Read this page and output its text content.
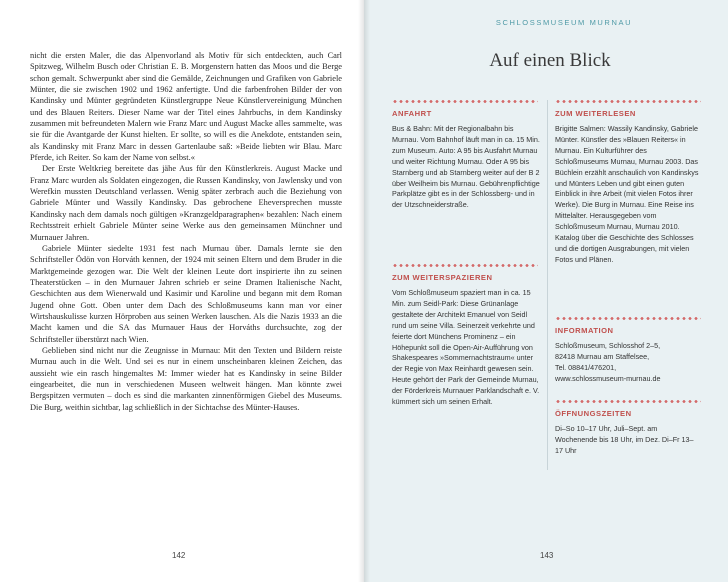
nicht die ersten Maler, die das Alpenvorland als Motiv für sich entdeckten, auch Carl Spitzweg, Wilhelm Busch oder Christian E. B. Morgenstern hatten das Moos und die Berge schon gemalt. Schwerpunkt aber sind die Gemälde, Zeichnungen und Grafiken von Gabriele Münter, die sie zwischen 1902 und 1962 anfertigte. Und die farbenfrohen Bilder der von Kandinsky und Münter gegründeten Künstlergruppe Neue Künstlervereinigung München und des Blauen Reiters. Dieser Name war der Titel eines Jahrbuchs, in dem Kandinsky zusammen mit befreundeten Malern wie Franz Marc und August Macke alles sammelte, was sie für die Avantgarde der Kunst hielten. Er sollte, so will es die Anekdote, entstanden sein, als Kandinsky mit Franz Marc in dessen Gartenlaube saß: »Beide liebten wir Blau. Marc Pferde, ich Reiter. So kam der Name von selbst.«

Der Erste Weltkrieg bereitete das jähe Aus für den Künstlerkreis. August Macke und Franz Marc wurden als Soldaten eingezogen, die Russen Kandinsky, von Jawlensky und von Werefkin mussten Deutschland verlassen. Wenig später zerbrach auch die Beziehung von Gabriele Münter und Wassily Kandinsky. Das gebrochene Eheversprechen musste Kandinsky nach dem damals noch gültigen »Kranzgeldparagraphen« bezahlen: Nach einem Rechtsstreit erhielt Gabriele Münter seine Werke aus den gemeinsamen Münchner und Murnauer Jahren.

Gabriele Münter siedelte 1931 fest nach Murnau über. Damals lernte sie den Schriftsteller Ödön von Horváth kennen, der 1924 mit seinen Eltern und dem Bruder in die Marktgemeinde gezogen war. Die Welt der kleinen Leute dort inspirierte ihn zu seinen Theaterstücken – in den Murnauer Jahren schrieb er seine Dramen Italienische Nacht, Geschichten aus dem Wienerwald und Kasimir und Karoline und begann mit dem Roman Jugend ohne Gott. Oben unter dem Dach des Schloßmuseums kann man vor einer Wirtshauskulisse kurzen Hörproben aus seinen Werken lauschen. Als die Nazis 1933 an die Macht kamen und die SA das Murnauer Haus der Horváths durchsuchte, zog der Schriftsteller überstürzt nach Wien.

Geblieben sind nicht nur die Zeugnisse in Murnau: Mit den Texten und Bildern reiste Murnau auch in die Welt. Und sei es nur in einem unscheinbaren kleinen Zeichen, das aussieht wie ein rasch hingemaltes M: Immer wieder hat es Kandinsky in seine Bilder eingearbeitet, die nun in verschiedenen Museen weltweit hängen. Man könnte zwei Bergspitzen vermuten – doch es sind die markanten zinnenförmigen Giebel des Museums. Die Burg, weithin sichtbar, lag schließlich in der Sichtachse des Münter-Hauses.

142
SCHLOSSMUSEUM MURNAU
Auf einen Blick
ANFAHRT
Bus & Bahn: Mit der Regionalbahn bis Murnau. Vom Bahnhof läuft man in ca. 15 Min. zum Museum. Auto: A 95 bis Ausfahrt Murnau und weiter Richtung Murnau. Oder A 95 bis Starnberg und ab Starnberg weiter auf der B 2 über Weilheim bis Murnau. Gebührenpflichtige Parkplätze gibt es in der Schlossberg- und in der Utzschneiderstraße.
ZUM WEITERSPAZIEREN
Vom Schloßmuseum spaziert man in ca. 15 Min. zum Seidl-Park: Diese Grünanlage gestaltete der Architekt Emanuel von Seidl rund um seine Villa. Seinerzeit verkehrte und feierte dort Münchens Prominenz – ein Höhepunkt soll die Open-Air-Aufführung von Shakespeares »Sommernachtstraum« unter der Regie von Max Reinhardt gewesen sein. Heute gehört der Park der Gemeinde Murnau, der Förderkreis Murnauer Parklandschaft e. V. kümmert sich um seinen Erhalt.
ZUM WEITERLESEN
Brigitte Salmen: Wassily Kandinsky, Gabriele Münter. Künstler des »Blauen Reiters« in Murnau. Ein Kulturführer des Schloßmuseums Murnau, Murnau 2003. Das Büchlein erzählt anschaulich von Kandinskys und Münters Leben und gibt einen guten Einblick in ihre Arbeit (mit vielen Fotos ihrer Werke). Die Burg in Murnau. Eine Reise ins Mittelalter. Herausgegeben vom Schloßmuseum Murnau, Murnau 2010. Katalog über die Geschichte des Schlosses und die dortigen Ausgrabungen, mit vielen Fotos und Plänen.
INFORMATION

Schloßmuseum, Schlosshof 2–5,

82418 Murnau am Staffelsee,

Tel. 08841/476201,

www.schlossmuseum-murnau.de

ÖFFNUNGSZEITEN
Di–So 10–17 Uhr, Juli–Sept. am Wochenende bis 18 Uhr, im Dez. Di–Fr 13–17 Uhr
143
